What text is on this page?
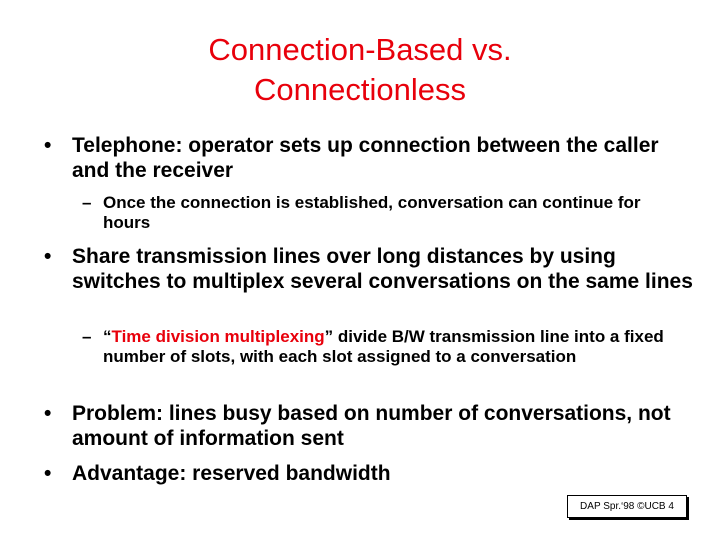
Connection-Based vs.
Connectionless
• Telephone: operator sets up connection between the caller and the receiver
– Once the connection is established, conversation can continue for hours
• Share transmission lines over long distances by using switches to multiplex several conversations on the same lines
– “Time division multiplexing” divide B/W transmission line into a fixed number of slots, with each slot assigned to a conversation
• Problem: lines busy based on number of conversations, not amount of information sent
• Advantage: reserved bandwidth
DAP Spr.‘98 ©UCB 4
